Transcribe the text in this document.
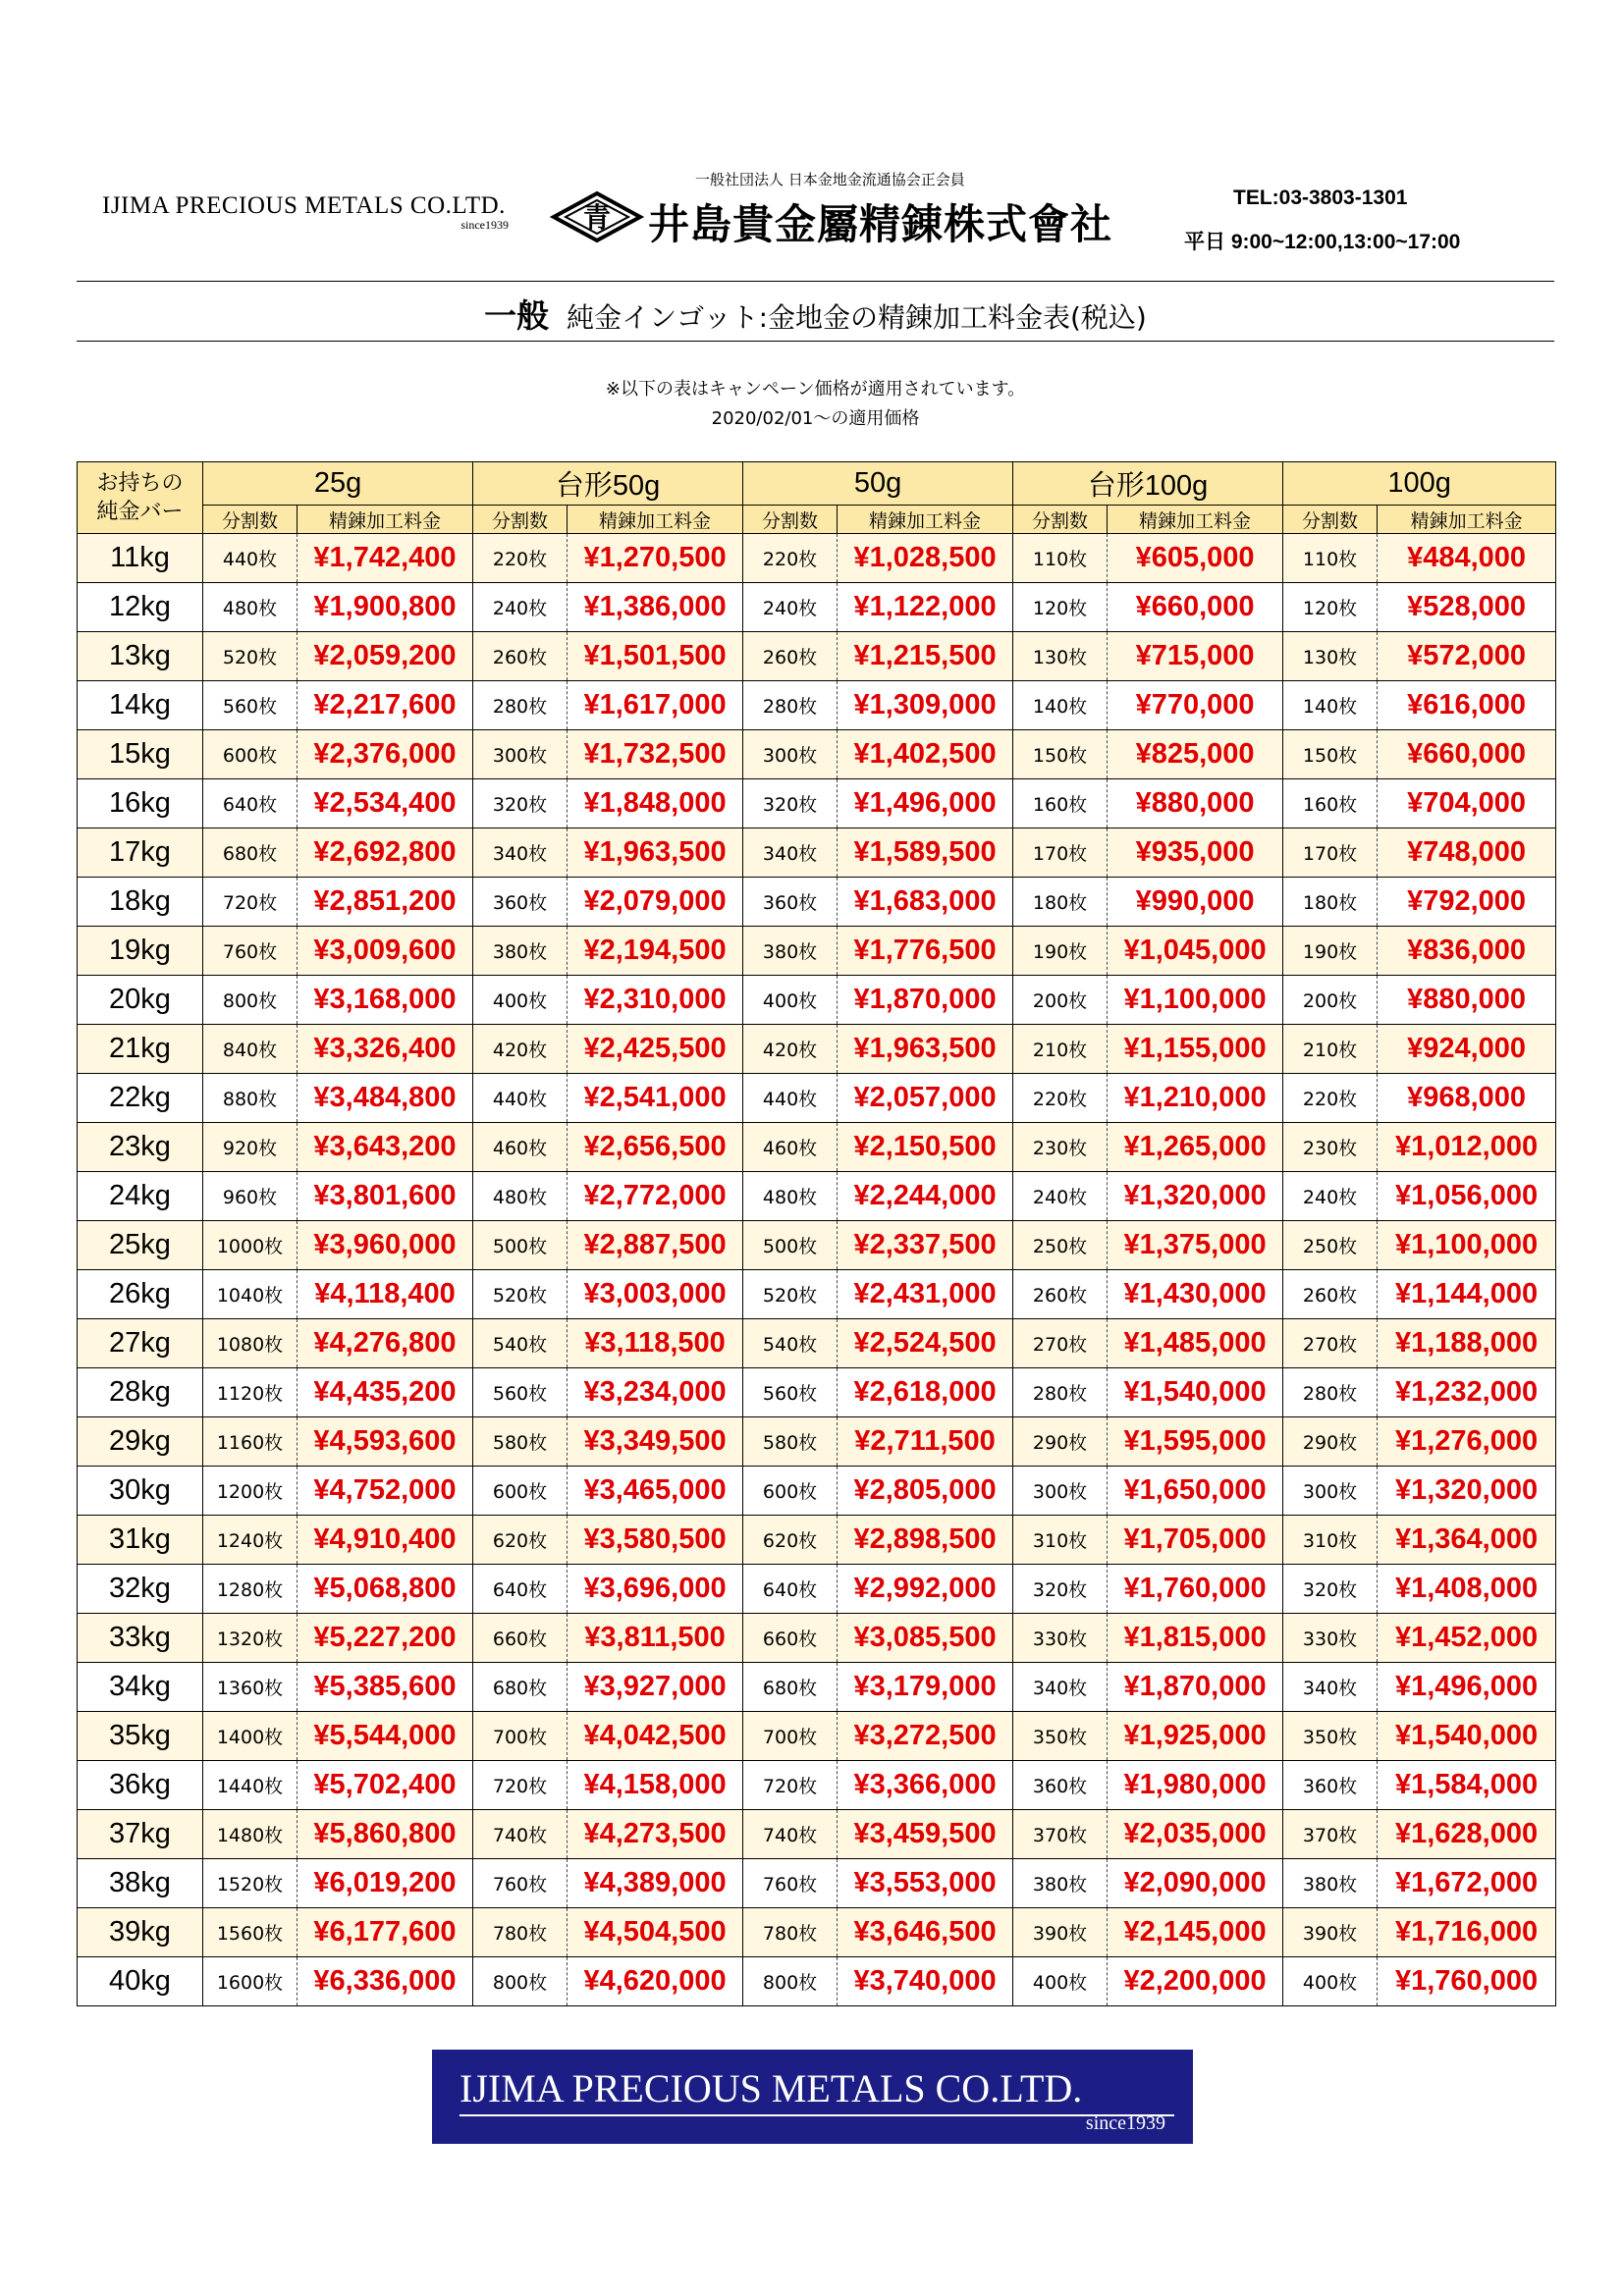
IJIMA PRECIOUS METALS CO.LTD.
since1939
一般社団法人 日本金地金流通協会正会員
青 井島貴金屬精錬株式會社
TEL:03-3803-1301
平日 9:00~12:00,13:00~17:00
一般 純金インゴット:金地金の精錬加工料金表(税込)
※以下の表はキャンペーン価格が適用されています。
2020/02/01～の適用価格
お持ちの
純金バー	25g		台形50g		50g		台形100g		100g	
	分割数	精錬加工料金	分割数	精錬加工料金	分割数	精錬加工料金	分割数	精錬加工料金	分割数	精錬加工料金
11kg	440枚	¥1,742,400	220枚	¥1,270,500	220枚	¥1,028,500	110枚	¥605,000	110枚	¥484,000
12kg	480枚	¥1,900,800	240枚	¥1,386,000	240枚	¥1,122,000	120枚	¥660,000	120枚	¥528,000
13kg	520枚	¥2,059,200	260枚	¥1,501,500	260枚	¥1,215,500	130枚	¥715,000	130枚	¥572,000
14kg	560枚	¥2,217,600	280枚	¥1,617,000	280枚	¥1,309,000	140枚	¥770,000	140枚	¥616,000
15kg	600枚	¥2,376,000	300枚	¥1,732,500	300枚	¥1,402,500	150枚	¥825,000	150枚	¥660,000
16kg	640枚	¥2,534,400	320枚	¥1,848,000	320枚	¥1,496,000	160枚	¥880,000	160枚	¥704,000
17kg	680枚	¥2,692,800	340枚	¥1,963,500	340枚	¥1,589,500	170枚	¥935,000	170枚	¥748,000
18kg	720枚	¥2,851,200	360枚	¥2,079,000	360枚	¥1,683,000	180枚	¥990,000	180枚	¥792,000
19kg	760枚	¥3,009,600	380枚	¥2,194,500	380枚	¥1,776,500	190枚	¥1,045,000	190枚	¥836,000
20kg	800枚	¥3,168,000	400枚	¥2,310,000	400枚	¥1,870,000	200枚	¥1,100,000	200枚	¥880,000
21kg	840枚	¥3,326,400	420枚	¥2,425,500	420枚	¥1,963,500	210枚	¥1,155,000	210枚	¥924,000
22kg	880枚	¥3,484,800	440枚	¥2,541,000	440枚	¥2,057,000	220枚	¥1,210,000	220枚	¥968,000
23kg	920枚	¥3,643,200	460枚	¥2,656,500	460枚	¥2,150,500	230枚	¥1,265,000	230枚	¥1,012,000
24kg	960枚	¥3,801,600	480枚	¥2,772,000	480枚	¥2,244,000	240枚	¥1,320,000	240枚	¥1,056,000
25kg	1000枚	¥3,960,000	500枚	¥2,887,500	500枚	¥2,337,500	250枚	¥1,375,000	250枚	¥1,100,000
26kg	1040枚	¥4,118,400	520枚	¥3,003,000	520枚	¥2,431,000	260枚	¥1,430,000	260枚	¥1,144,000
27kg	1080枚	¥4,276,800	540枚	¥3,118,500	540枚	¥2,524,500	270枚	¥1,485,000	270枚	¥1,188,000
28kg	1120枚	¥4,435,200	560枚	¥3,234,000	560枚	¥2,618,000	280枚	¥1,540,000	280枚	¥1,232,000
29kg	1160枚	¥4,593,600	580枚	¥3,349,500	580枚	¥2,711,500	290枚	¥1,595,000	290枚	¥1,276,000
30kg	1200枚	¥4,752,000	600枚	¥3,465,000	600枚	¥2,805,000	300枚	¥1,650,000	300枚	¥1,320,000
31kg	1240枚	¥4,910,400	620枚	¥3,580,500	620枚	¥2,898,500	310枚	¥1,705,000	310枚	¥1,364,000
32kg	1280枚	¥5,068,800	640枚	¥3,696,000	640枚	¥2,992,000	320枚	¥1,760,000	320枚	¥1,408,000
33kg	1320枚	¥5,227,200	660枚	¥3,811,500	660枚	¥3,085,500	330枚	¥1,815,000	330枚	¥1,452,000
34kg	1360枚	¥5,385,600	680枚	¥3,927,000	680枚	¥3,179,000	340枚	¥1,870,000	340枚	¥1,496,000
35kg	1400枚	¥5,544,000	700枚	¥4,042,500	700枚	¥3,272,500	350枚	¥1,925,000	350枚	¥1,540,000
36kg	1440枚	¥5,702,400	720枚	¥4,158,000	720枚	¥3,366,000	360枚	¥1,980,000	360枚	¥1,584,000
37kg	1480枚	¥5,860,800	740枚	¥4,273,500	740枚	¥3,459,500	370枚	¥2,035,000	370枚	¥1,628,000
38kg	1520枚	¥6,019,200	760枚	¥4,389,000	760枚	¥3,553,000	380枚	¥2,090,000	380枚	¥1,672,000
39kg	1560枚	¥6,177,600	780枚	¥4,504,500	780枚	¥3,646,500	390枚	¥2,145,000	390枚	¥1,716,000
40kg	1600枚	¥6,336,000	800枚	¥4,620,000	800枚	¥3,740,000	400枚	¥2,200,000	400枚	¥1,760,000
IJIMA PRECIOUS METALS CO.LTD.
since1939
